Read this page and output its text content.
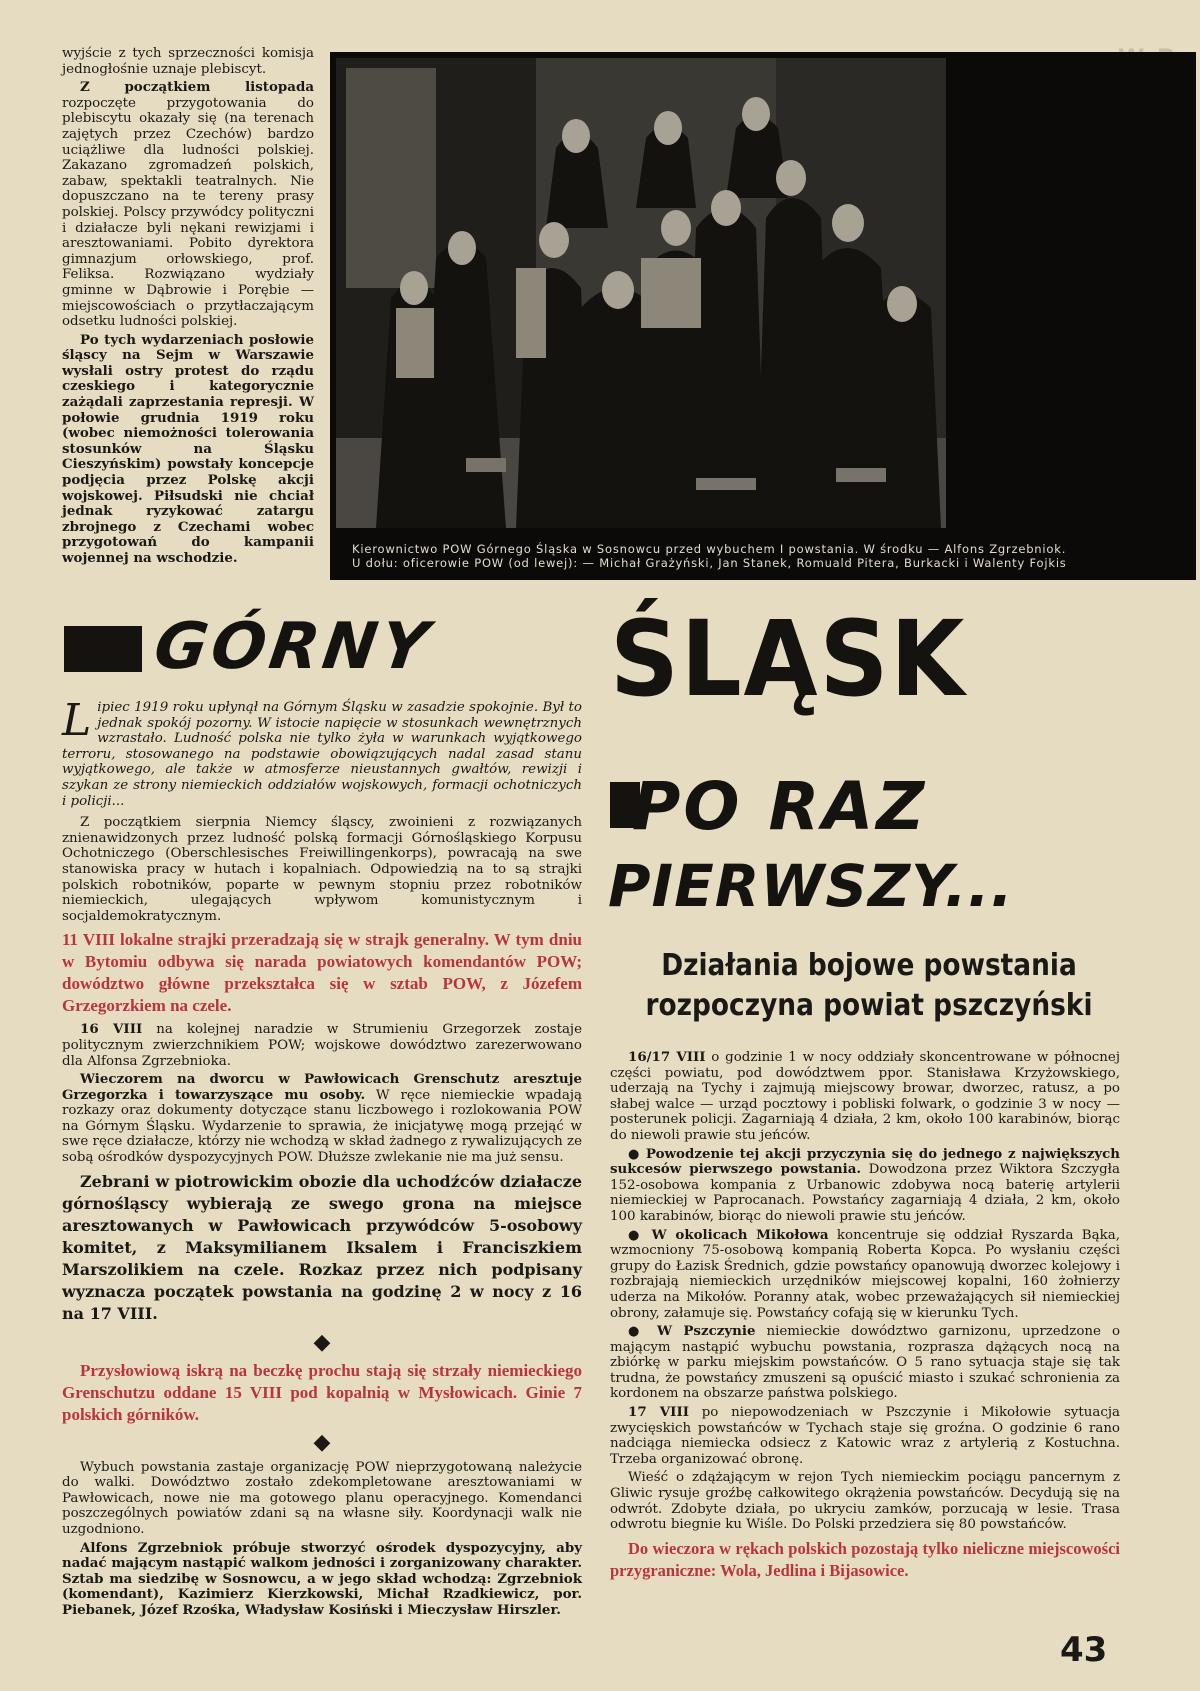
wyjście z tych sprzeczności komisja jednogłośnie uznaje plebiscyt.

Z początkiem listopada rozpoczęte przygotowania do plebiscytu okazały się (na terenach zajętych przez Czechów) bardzo uciążliwe dla ludności polskiej. Zakazano zgromadzeń polskich, zabaw, spektakli teatralnych. Nie dopuszczano na te tereny prasy polskiej. Polscy przywódcy polityczni i działacze byli nękani rewizjami i aresztowaniami. Pobito dyrektora gimnazjum orłowskiego, prof. Feliksa. Rozwiązano wydziały gminne w Dąbrowie i Porębie — miejscowościach o przytłaczającym odsetku ludności polskiej.

Po tych wydarzeniach posłowie śląscy na Sejm w Warszawie wysłali ostry protest do rządu czeskiego i kategorycznie zażądali zaprzestania represji. W połowie grudnia 1919 roku (wobec niemożności tolerowania stosunków na Śląsku Cieszyńskim) powstały koncepcje podjęcia przez Polskę akcji wojskowej. Piłsudski nie chciał jednak ryzykować zatargu zbrojnego z Czechami wobec przygotowań do kampanii wojennej na wschodzie.

Kierownictwo POW Górnego Śląska w Sosnowcu przed wybuchem I powstania. W środku — Alfons Zgrzebniok.
U dołu: oficerowie POW (od lewej): — Michał Grażyński, Jan Stanek, Romuald Pitera, Burkacki i Walenty Fojkis
GÓRNY ŚLĄSK
PO RAZ
PIERWSZY...

Lipiec 1919 roku upłynął na Górnym Śląsku w zasadzie spokojnie. Był to jednak spokój pozorny. W istocie napięcie w stosunkach wewnętrznych wzrastało. Ludność polska nie tylko żyła w warunkach wyjątkowego terroru, stosowanego na podstawie obowiązujących nadal zasad stanu wyjątkowego, ale także w atmosferze nieustannych gwałtów, rewizji i szykan ze strony niemieckich oddziałów wojskowych, formacji ochotniczych i policji...

Z początkiem sierpnia Niemcy śląscy, zwoinieni z rozwiązanych znienawidzonych przez ludność polską formacji Górnośląskiego Korpusu Ochotniczego (Oberschlesisches Freiwillingenkorps), powracają na swe stanowiska pracy w hutach i kopalniach. Odpowiedzią na to są strajki polskich robotników, poparte w pewnym stopniu przez robotników niemieckich, ulegających wpływom komunistycznym i socjaldemokratycznym.

11 VIII lokalne strajki przeradzają się w strajk generalny. W tym dniu w Bytomiu odbywa się narada powiatowych komendantów POW; dowództwo główne przekształca się w sztab POW, z Józefem Grzegorzkiem na czele.

16 VIII na kolejnej naradzie w Strumieniu Grzegorzek zostaje politycznym zwierzchnikiem POW; wojskowe dowództwo zarezerwowano dla Alfonsa Zgrzebnioka.

Wieczorem na dworcu w Pawłowicach Grenschutz aresztuje Grzegorzka i towarzyszące mu osoby. W ręce niemieckie wpadają rozkazy oraz dokumenty dotyczące stanu liczbowego i rozlokowania POW na Górnym Śląsku. Wydarzenie to sprawia, że inicjatywę mogą przejąć w swe ręce działacze, którzy nie wchodzą w skład żadnego z rywalizujących ze sobą ośrodków dyspozycyjnych POW. Dłuższe zwlekanie nie ma już sensu.

Zebrani w piotrowickim obozie dla uchodźców działacze górnośląscy wybierają ze swego grona na miejsce aresztowanych w Pawłowicach przywódców 5-osobowy komitet, z Maksymilianem Iksalem i Franciszkiem Marszolikiem na czele. Rozkaz przez nich podpisany wyznacza początek powstania na godzinę 2 w nocy z 16 na 17 VIII.

◆

Przysłowiową iskrą na beczkę prochu stają się strzały niemieckiego Grenschutzu oddane 15 VIII pod kopalnią w Mysłowicach. Ginie 7 polskich górników.

◆

Wybuch powstania zastaje organizację POW nieprzygotowaną należycie do walki. Dowództwo zostało zdekompletowane aresztowaniami w Pawłowicach, nowe nie ma gotowego planu operacyjnego. Komendanci poszczególnych powiatów zdani są na własne siły. Koordynacji walk nie uzgodniono.

Alfons Zgrzebniok próbuje stworzyć ośrodek dyspozycyjny, aby nadać mającym nastąpić walkom jedności i zorganizowany charakter. Sztab ma siedzibę w Sosnowcu, a w jego skład wchodzą: Zgrzebniok (komendant), Kazimierz Kierzkowski, Michał Rzadkiewicz, por. Piebanek, Józef Rzośka, Władysław Kosiński i Mieczysław Hirszler.

Działania bojowe powstania

rozpoczyna powiat pszczyński

16/17 VIII o godzinie 1 w nocy oddziały skoncentrowane w północnej części powiatu, pod dowództwem ppor. Stanisława Krzyżowskiego, uderzają na Tychy i zajmują miejscowy browar, dworzec, ratusz, a po słabej walce — urząd pocztowy i pobliski folwark, o godzinie 3 w nocy — posterunek policji. Zagarniają 4 działa, 2 km, około 100 karabinów, biorąc do niewoli prawie stu jeńców.

● Powodzenie tej akcji przyczynia się do jednego z największych sukcesów pierwszego powstania. Dowodzona przez Wiktora Szczygła 152-osobowa kompania z Urbanowic zdobywa nocą baterię artylerii niemieckiej w Paprocanach. Powstańcy zagarniają 4 działa, 2 km, około 100 karabinów, biorąc do niewoli prawie stu jeńców.

● W okolicach Mikołowa koncentruje się oddział Ryszarda Bąka, wzmocniony 75-osobową kompanią Roberta Kopca. Po wysłaniu części grupy do Łazisk Średnich, gdzie powstańcy opanowują dworzec kolejowy i rozbrajają niemieckich urzędników miejscowej kopalni, 160 żołnierzy uderza na Mikołów. Poranny atak, wobec przeważających sił niemieckiej obrony, załamuje się. Powstańcy cofają się w kierunku Tych.

● W Pszczynie niemieckie dowództwo garnizonu, uprzedzone o mającym nastąpić wybuchu powstania, rozprasza dążących nocą na zbiórkę w parku miejskim powstańców. O 5 rano sytuacja staje się tak trudna, że powstańcy zmuszeni są opuścić miasto i szukać schronienia za kordonem na obszarze państwa polskiego.

17 VIII po niepowodzeniach w Pszczynie i Mikołowie sytuacja zwycięskich powstańców w Tychach staje się groźna. O godzinie 6 rano nadciąga niemiecka odsiecz z Katowic wraz z artylerią z Kostuchna. Trzeba organizować obronę.

Wieść o zdążającym w rejon Tych niemieckim pociągu pancernym z Gliwic rysuje groźbę całkowitego okrążenia powstańców. Decydują się na odwrót. Zdobyte działa, po ukryciu zamków, porzucają w lesie. Trasa odwrotu biegnie ku Wiśle. Do Polski przedziera się 80 powstańców.

Do wieczora w rękach polskich pozostają tylko nieliczne miejscowości przygraniczne: Wola, Jedlina i Bijasowice.

43
